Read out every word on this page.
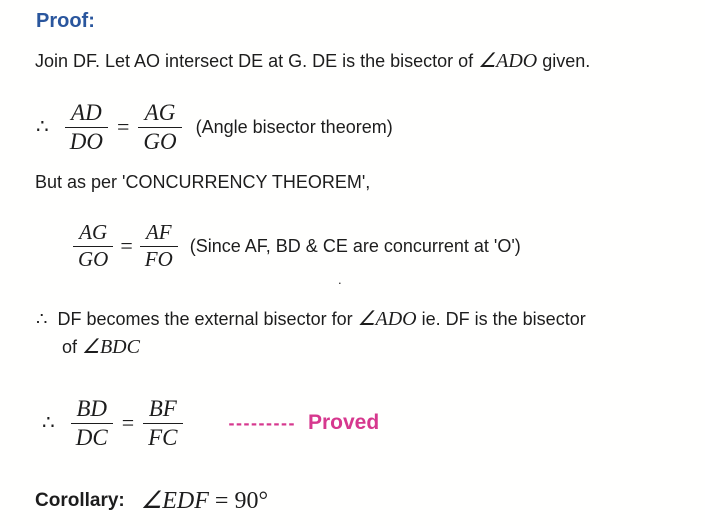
Proof:
Join DF. Let AO intersect DE at G. DE is the bisector of ∠ADO given.
∴ $\frac{AD}{DO} = \frac{AG}{GO}$ (Angle bisector theorem)
But as per 'CONCURRENCY THEOREM',
$\frac{AG}{GO} = \frac{AF}{FO}$ (Since AF, BD & CE are concurrent at 'O')
.
∴ DF becomes the external bisector for ∠ADO ie. DF is the bisector
of ∠BDC
∴ $\frac{BD}{DC} = \frac{BF}{FC}$	--------- Proved
Corollary: ∠EDF = 90°
